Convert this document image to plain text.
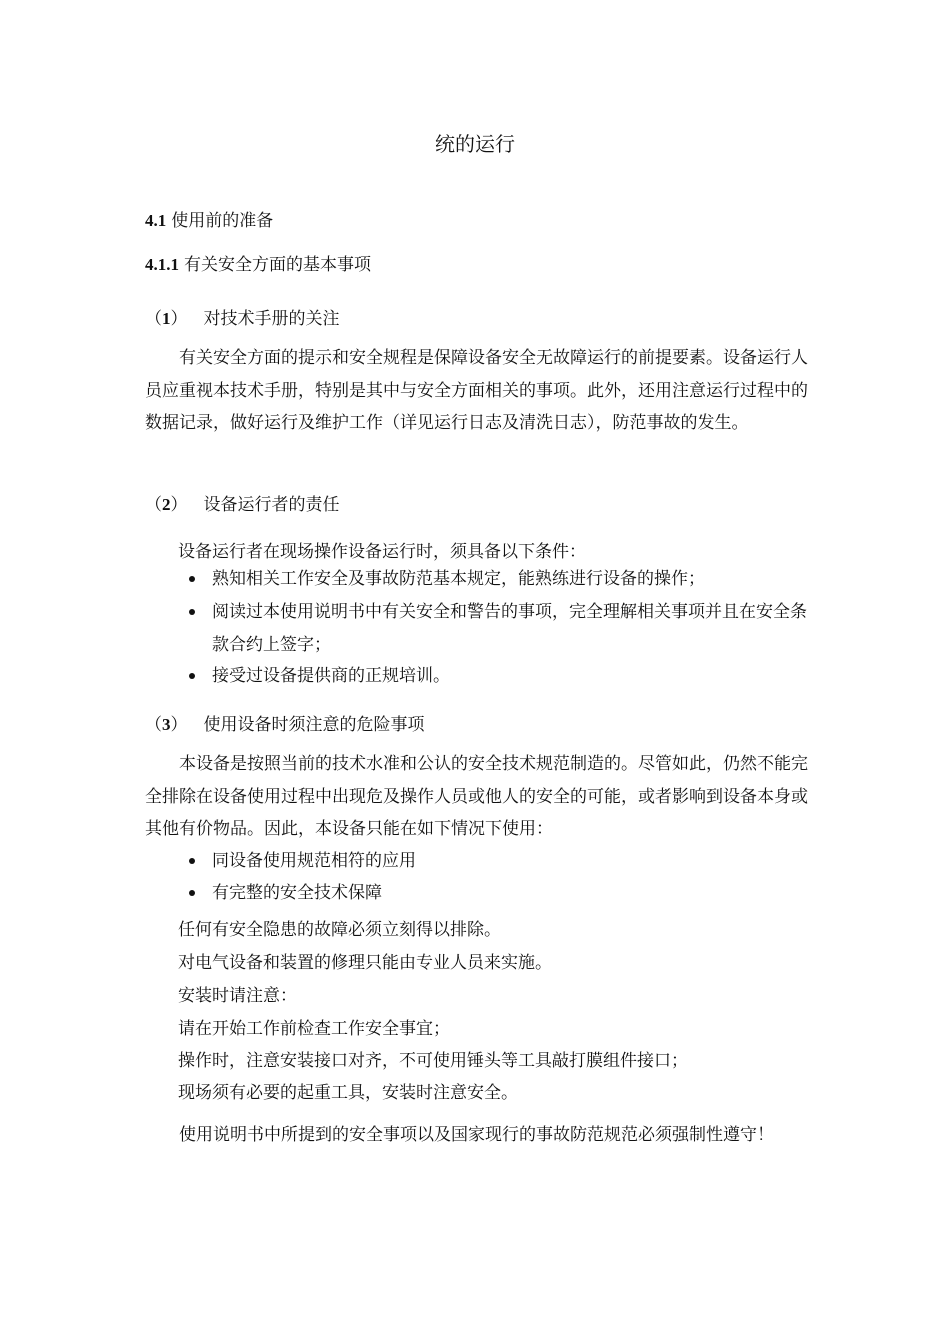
统的运行
4.1 使用前的准备
4.1.1 有关安全方面的基本事项
（1） 对技术手册的关注
有关安全方面的提示和安全规程是保障设备安全无故障运行的前提要素。设备运行人员应重视本技术手册，特别是其中与安全方面相关的事项。此外，还用注意运行过程中的数据记录，做好运行及维护工作（详见运行日志及清洗日志），防范事故的发生。
（2） 设备运行者的责任
设备运行者在现场操作设备运行时，须具备以下条件：
熟知相关工作安全及事故防范基本规定，能熟练进行设备的操作；
阅读过本使用说明书中有关安全和警告的事项，完全理解相关事项并且在安全条款合约上签字；
接受过设备提供商的正规培训。
（3） 使用设备时须注意的危险事项
本设备是按照当前的技术水准和公认的安全技术规范制造的。尽管如此，仍然不能完全排除在设备使用过程中出现危及操作人员或他人的安全的可能，或者影响到设备本身或其他有价物品。因此，本设备只能在如下情况下使用：
同设备使用规范相符的应用
有完整的安全技术保障
任何有安全隐患的故障必须立刻得以排除。
对电气设备和装置的修理只能由专业人员来实施。
安装时请注意：
请在开始工作前检查工作安全事宜；
操作时，注意安装接口对齐，不可使用锤头等工具敲打膜组件接口；
现场须有必要的起重工具，安装时注意安全。
使用说明书中所提到的安全事项以及国家现行的事故防范规范必须强制性遵守！
